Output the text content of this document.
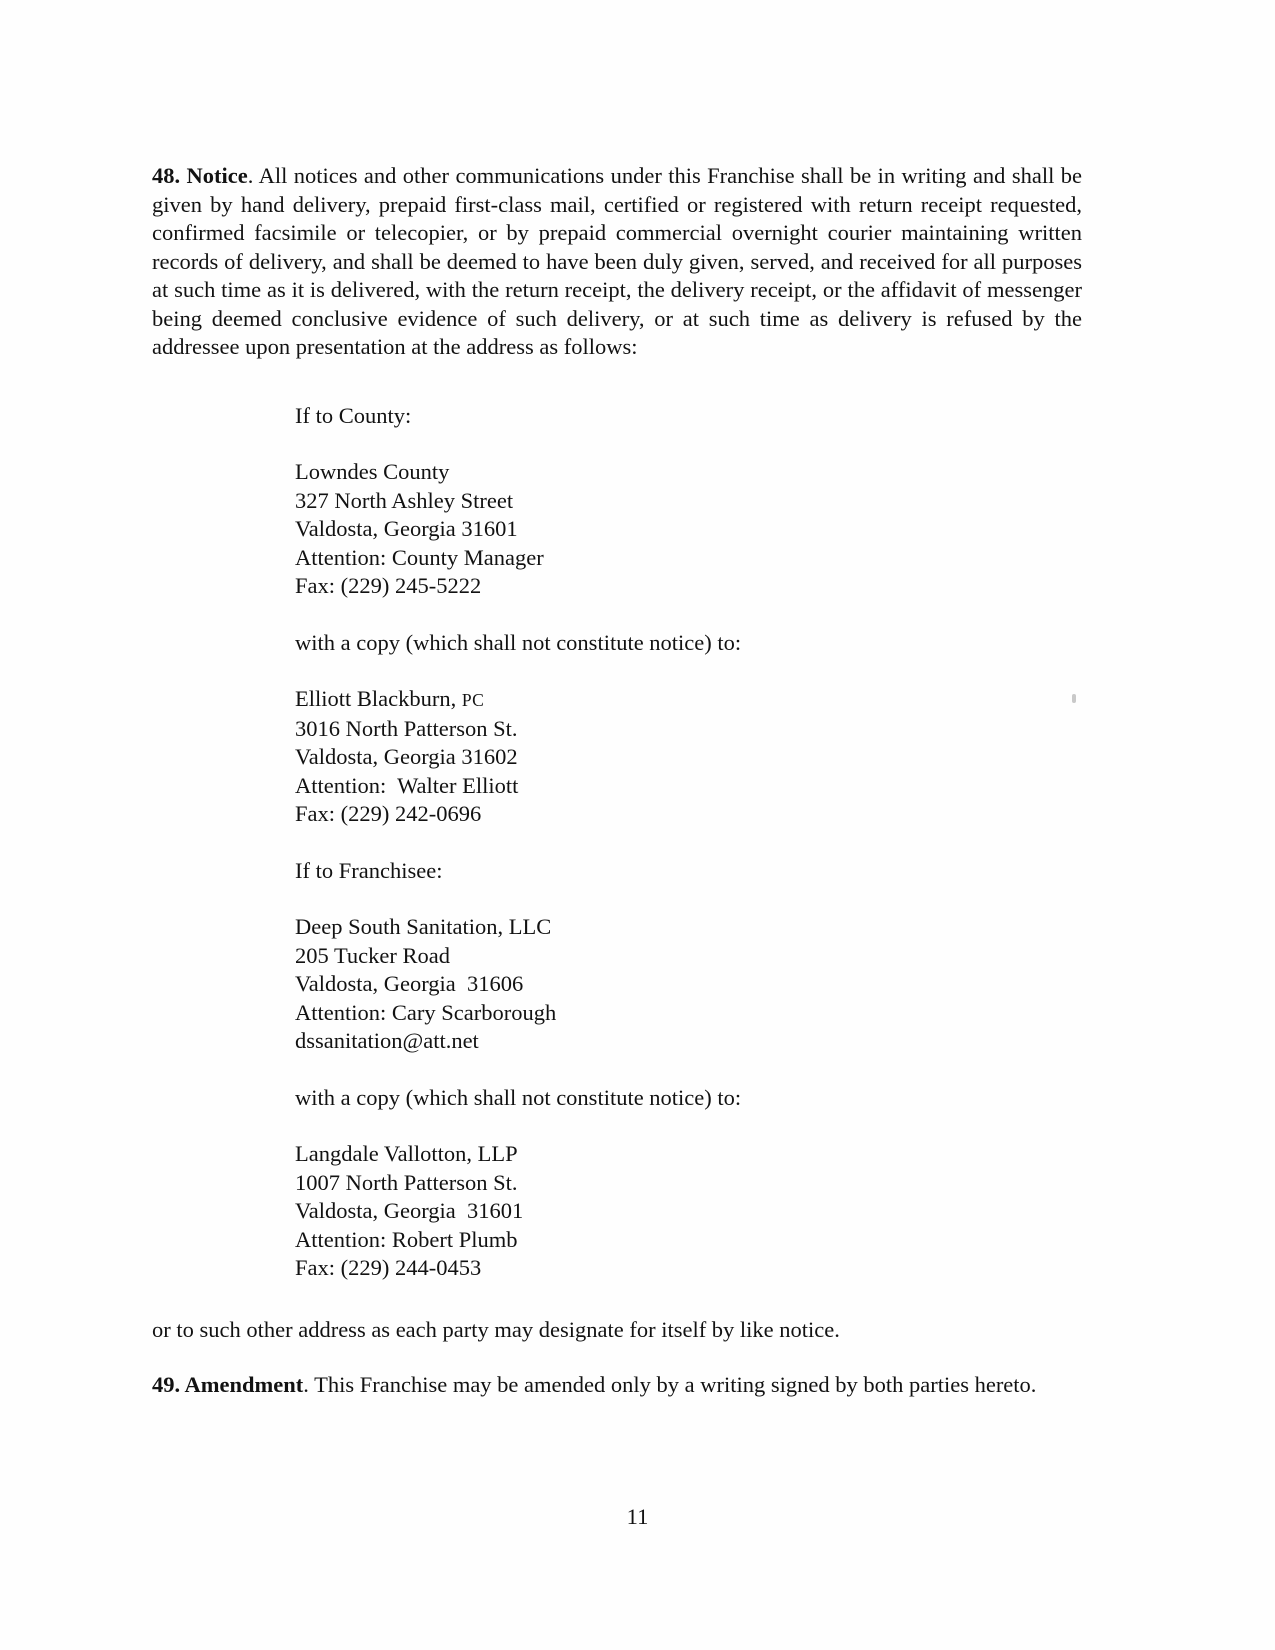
48. Notice. All notices and other communications under this Franchise shall be in writing and shall be given by hand delivery, prepaid first-class mail, certified or registered with return receipt requested, confirmed facsimile or telecopier, or by prepaid commercial overnight courier maintaining written records of delivery, and shall be deemed to have been duly given, served, and received for all purposes at such time as it is delivered, with the return receipt, the delivery receipt, or the affidavit of messenger being deemed conclusive evidence of such delivery, or at such time as delivery is refused by the addressee upon presentation at the address as follows:

If to County:
Lowndes County
327 North Ashley Street
Valdosta, Georgia 31601
Attention: County Manager
Fax: (229) 245-5222
with a copy (which shall not constitute notice) to:
Elliott Blackburn, PC
3016 North Patterson St.
Valdosta, Georgia 31602
Attention:  Walter Elliott
Fax: (229) 242-0696
If to Franchisee:
Deep South Sanitation, LLC
205 Tucker Road
Valdosta, Georgia  31606
Attention: Cary Scarborough
dssanitation@att.net
with a copy (which shall not constitute notice) to:
Langdale Vallotton, LLP
1007 North Patterson St.
Valdosta, Georgia  31601
Attention: Robert Plumb
Fax: (229) 244-0453

or to such other address as each party may designate for itself by like notice.

49. Amendment. This Franchise may be amended only by a writing signed by both parties hereto.

11
